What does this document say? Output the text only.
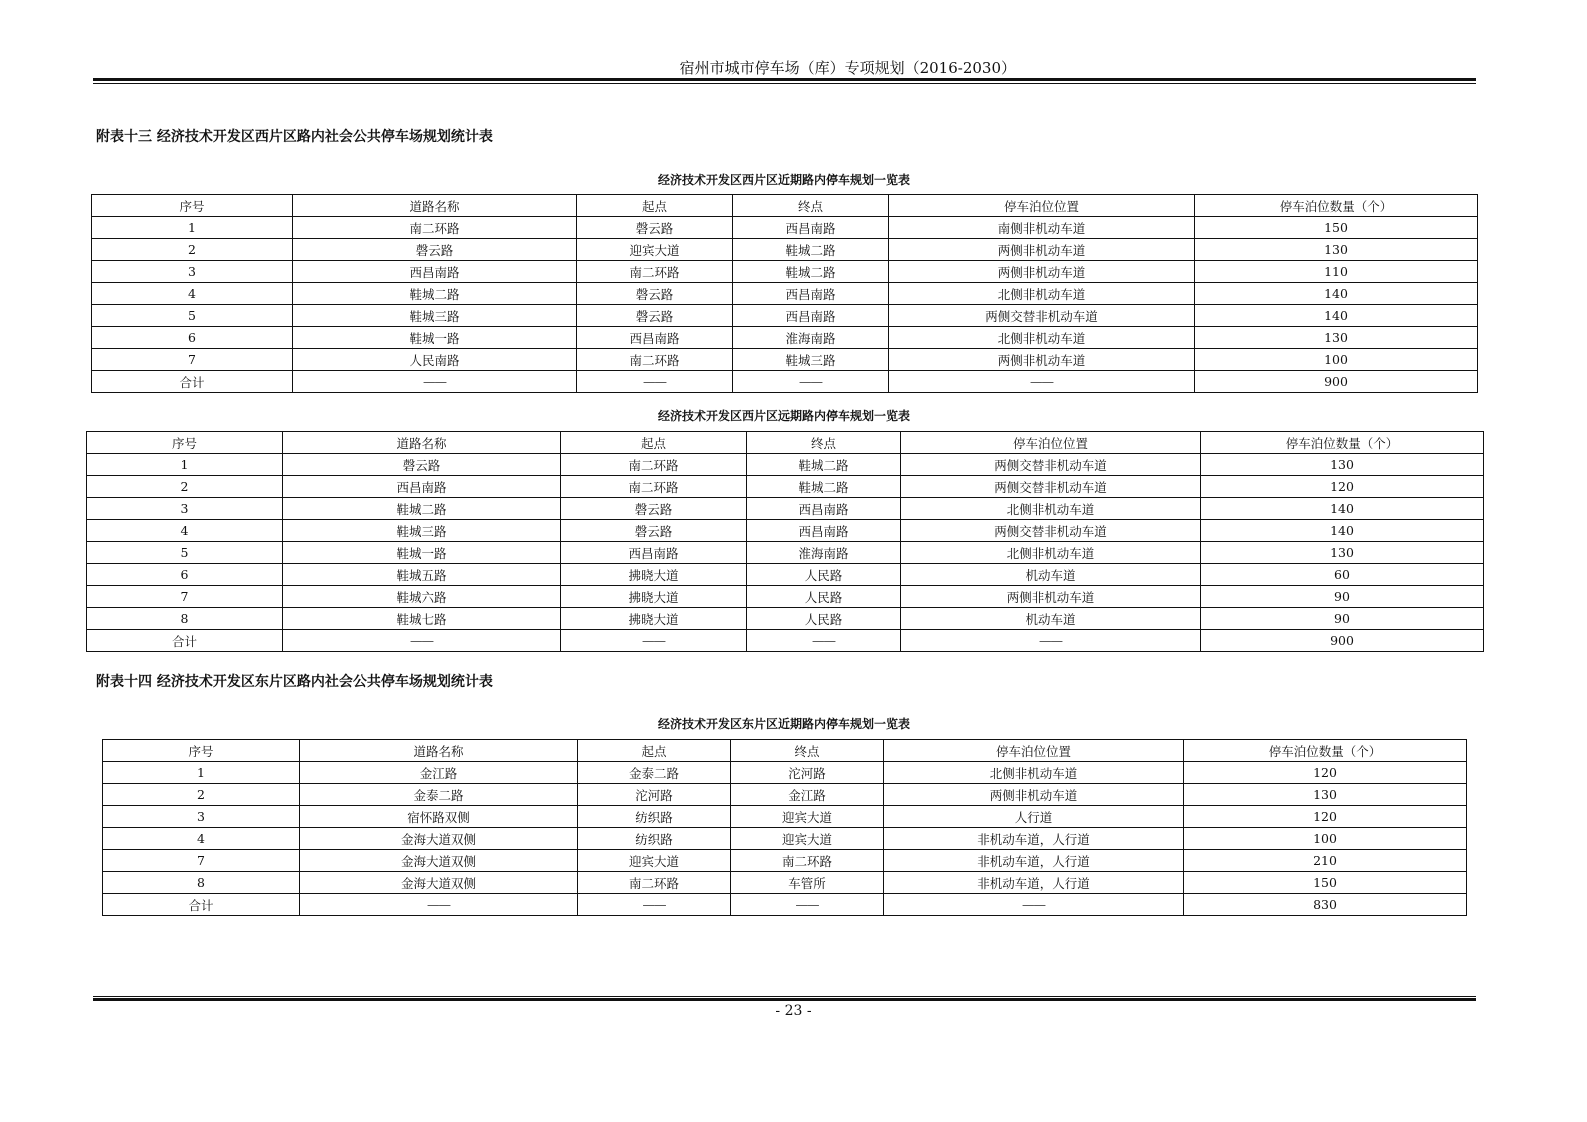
宿州市城市停车场（库）专项规划（2016-2030）
附表十三 经济技术开发区西片区路内社会公共停车场规划统计表
经济技术开发区西片区近期路内停车规划一览表
序号	道路名称	起点	终点	停车泊位位置	停车泊位数量（个）
1	南二环路	磬云路	西昌南路	南侧非机动车道	150
2	磬云路	迎宾大道	鞋城二路	两侧非机动车道	130
3	西昌南路	南二环路	鞋城二路	两侧非机动车道	110
4	鞋城二路	磬云路	西昌南路	北侧非机动车道	140
5	鞋城三路	磬云路	西昌南路	两侧交替非机动车道	140
6	鞋城一路	西昌南路	淮海南路	北侧非机动车道	130
7	人民南路	南二环路	鞋城三路	两侧非机动车道	100
合计	——	——	——	——	900
经济技术开发区西片区远期路内停车规划一览表
序号	道路名称	起点	终点	停车泊位位置	停车泊位数量（个）
1	磬云路	南二环路	鞋城二路	两侧交替非机动车道	130
2	西昌南路	南二环路	鞋城二路	两侧交替非机动车道	120
3	鞋城二路	磬云路	西昌南路	北侧非机动车道	140
4	鞋城三路	磬云路	西昌南路	两侧交替非机动车道	140
5	鞋城一路	西昌南路	淮海南路	北侧非机动车道	130
6	鞋城五路	拂晓大道	人民路	机动车道	60
7	鞋城六路	拂晓大道	人民路	两侧非机动车道	90
8	鞋城七路	拂晓大道	人民路	机动车道	90
合计	——	——	——	——	900
附表十四 经济技术开发区东片区路内社会公共停车场规划统计表
经济技术开发区东片区近期路内停车规划一览表
序号	道路名称	起点	终点	停车泊位位置	停车泊位数量（个）
1	金江路	金泰二路	沱河路	北侧非机动车道	120
2	金泰二路	沱河路	金江路	两侧非机动车道	130
3	宿怀路双侧	纺织路	迎宾大道	人行道	120
4	金海大道双侧	纺织路	迎宾大道	非机动车道，人行道	100
7	金海大道双侧	迎宾大道	南二环路	非机动车道，人行道	210
8	金海大道双侧	南二环路	车管所	非机动车道，人行道	150
合计	——	——	——	——	830
- 23 -
